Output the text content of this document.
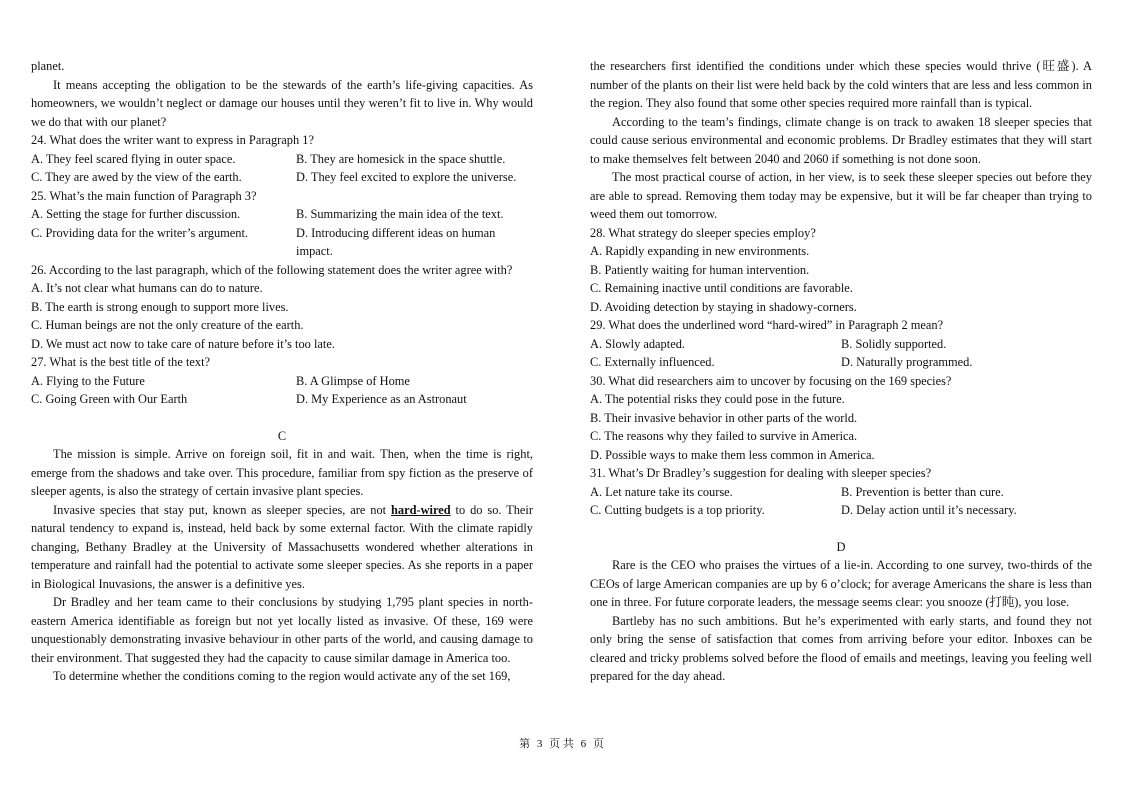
planet.

It means accepting the obligation to be the stewards of the earth’s life-giving capacities. As homeowners, we wouldn’t neglect or damage our houses until they weren’t fit to live in. Why would we do that with our planet?

24. What does the writer want to express in Paragraph 1?

A. They feel scared flying in outer space.	B. They are homesick in the space shuttle.

C. They are awed by the view of the earth.	D. They feel excited to explore the universe.

25. What’s the main function of Paragraph 3?

A. Setting the stage for further discussion.	B. Summarizing the main idea of the text.

C. Providing data for the writer’s argument.	D. Introducing different ideas on human impact.

26. According to the last paragraph, which of the following statement does the writer agree with?

A. It’s not clear what humans can do to nature.

B. The earth is strong enough to support more lives.

C. Human beings are not the only creature of the earth.

D. We must act now to take care of nature before it’s too late.

27. What is the best title of the text?

A. Flying to the Future	B. A Glimpse of Home

C. Going Green with Our Earth	D. My Experience as an Astronaut

C

The mission is simple. Arrive on foreign soil, fit in and wait. Then, when the time is right, emerge from the shadows and take over. This procedure, familiar from spy fiction as the preserve of sleeper agents, is also the strategy of certain invasive plant species.

Invasive species that stay put, known as sleeper species, are not hard-wired to do so. Their natural tendency to expand is, instead, held back by some external factor. With the climate rapidly changing, Bethany Bradley at the University of Massachusetts wondered whether alterations in temperature and rainfall had the potential to activate some sleeper species. As she reports in a paper in Biological Inuvasions, the answer is a definitive yes.

Dr Bradley and her team came to their conclusions by studying 1,795 plant species in north-eastern America identifiable as foreign but not yet locally listed as invasive. Of these, 169 were unquestionably demonstrating invasive behaviour in other parts of the world, and causing damage to their environment. That suggested they had the capacity to cause similar damage in America too.

To determine whether the conditions coming to the region would activate any of the set 169,

the researchers first identified the conditions under which these species would thrive (旺盛). A number of the plants on their list were held back by the cold winters that are less and less common in the region. They also found that some other species required more rainfall than is typical.

According to the team’s findings, climate change is on track to awaken 18 sleeper species that could cause serious environmental and economic problems. Dr Bradley estimates that they will start to make themselves felt between 2040 and 2060 if something is not done soon.

The most practical course of action, in her view, is to seek these sleeper species out before they are able to spread. Removing them today may be expensive, but it will be far cheaper than trying to weed them out tomorrow.

28. What strategy do sleeper species employ?

A. Rapidly expanding in new environments.

B. Patiently waiting for human intervention.

C. Remaining inactive until conditions are favorable.

D. Avoiding detection by staying in shadowy-corners.

29. What does the underlined word “hard-wired” in Paragraph 2 mean?

A. Slowly adapted.	B. Solidly supported.

C. Externally influenced.	D. Naturally programmed.

30. What did researchers aim to uncover by focusing on the 169 species?

A. The potential risks they could pose in the future.

B. Their invasive behavior in other parts of the world.

C. The reasons why they failed to survive in America.

D. Possible ways to make them less common in America.

31. What’s Dr Bradley’s suggestion for dealing with sleeper species?

A. Let nature take its course.	B. Prevention is better than cure.

C. Cutting budgets is a top priority.	D. Delay action until it’s necessary.

D

Rare is the CEO who praises the virtues of a lie-in. According to one survey, two-thirds of the CEOs of large American companies are up by 6 o’clock; for average Americans the share is less than one in three. For future corporate leaders, the message seems clear: you snooze (打盹), you lose.

Bartleby has no such ambitions. But he’s experimented with early starts, and found they not only bring the sense of satisfaction that comes from arriving before your editor. Inboxes can be cleared and tricky problems solved before the flood of emails and meetings, leaving you feeling well prepared for the day ahead.

第 3 页 共 6 页
